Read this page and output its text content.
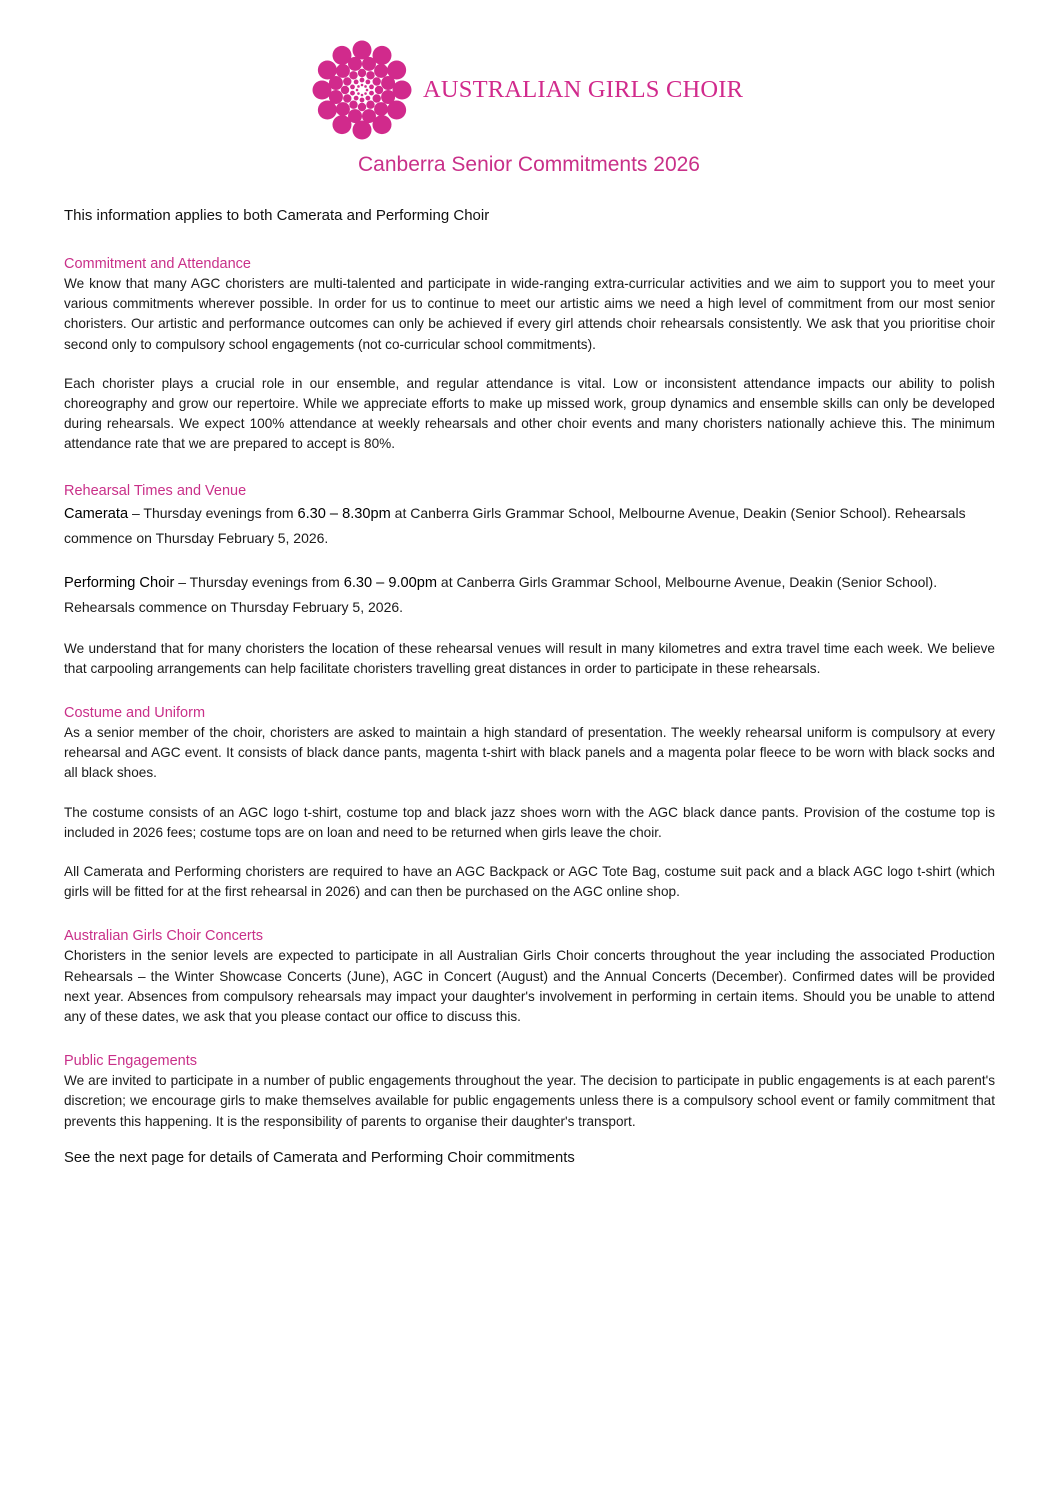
AUSTRALIAN GIRLS CHOIR
Canberra Senior Commitments 2026
This information applies to both Camerata and Performing Choir
Commitment and Attendance

We know that many AGC choristers are multi-talented and participate in wide-ranging extra-curricular activities and we aim to support you to meet your various commitments wherever possible. In order for us to continue to meet our artistic aims we need a high level of commitment from our most senior choristers. Our artistic and performance outcomes can only be achieved if every girl attends choir rehearsals consistently. We ask that you prioritise choir second only to compulsory school engagements (not co-curricular school commitments).

Each chorister plays a crucial role in our ensemble, and regular attendance is vital. Low or inconsistent attendance impacts our ability to polish choreography and grow our repertoire. While we appreciate efforts to make up missed work, group dynamics and ensemble skills can only be developed during rehearsals. We expect 100% attendance at weekly rehearsals and other choir events and many choristers nationally achieve this. The minimum attendance rate that we are prepared to accept is 80%.

Rehearsal Times and Venue

Camerata – Thursday evenings from 6.30 – 8.30pm at Canberra Girls Grammar School, Melbourne Avenue, Deakin (Senior School). Rehearsals commence on Thursday February 5, 2026.

Performing Choir – Thursday evenings from 6.30 – 9.00pm at Canberra Girls Grammar School, Melbourne Avenue, Deakin (Senior School). Rehearsals commence on Thursday February 5, 2026.

We understand that for many choristers the location of these rehearsal venues will result in many kilometres and extra travel time each week. We believe that carpooling arrangements can help facilitate choristers travelling great distances in order to participate in these rehearsals.

Costume and Uniform

As a senior member of the choir, choristers are asked to maintain a high standard of presentation. The weekly rehearsal uniform is compulsory at every rehearsal and AGC event. It consists of black dance pants, magenta t-shirt with black panels and a magenta polar fleece to be worn with black socks and all black shoes.

The costume consists of an AGC logo t-shirt, costume top and black jazz shoes worn with the AGC black dance pants. Provision of the costume top is included in 2026 fees; costume tops are on loan and need to be returned when girls leave the choir.

All Camerata and Performing choristers are required to have an AGC Backpack or AGC Tote Bag, costume suit pack and a black AGC logo t-shirt (which girls will be fitted for at the first rehearsal in 2026) and can then be purchased on the AGC online shop.

Australian Girls Choir Concerts

Choristers in the senior levels are expected to participate in all Australian Girls Choir concerts throughout the year including the associated Production Rehearsals – the Winter Showcase Concerts (June), AGC in Concert (August) and the Annual Concerts (December). Confirmed dates will be provided next year. Absences from compulsory rehearsals may impact your daughter's involvement in performing in certain items. Should you be unable to attend any of these dates, we ask that you please contact our office to discuss this.

Public Engagements

We are invited to participate in a number of public engagements throughout the year. The decision to participate in public engagements is at each parent's discretion; we encourage girls to make themselves available for public engagements unless there is a compulsory school event or family commitment that prevents this happening. It is the responsibility of parents to organise their daughter's transport.

See the next page for details of Camerata and Performing Choir commitments
